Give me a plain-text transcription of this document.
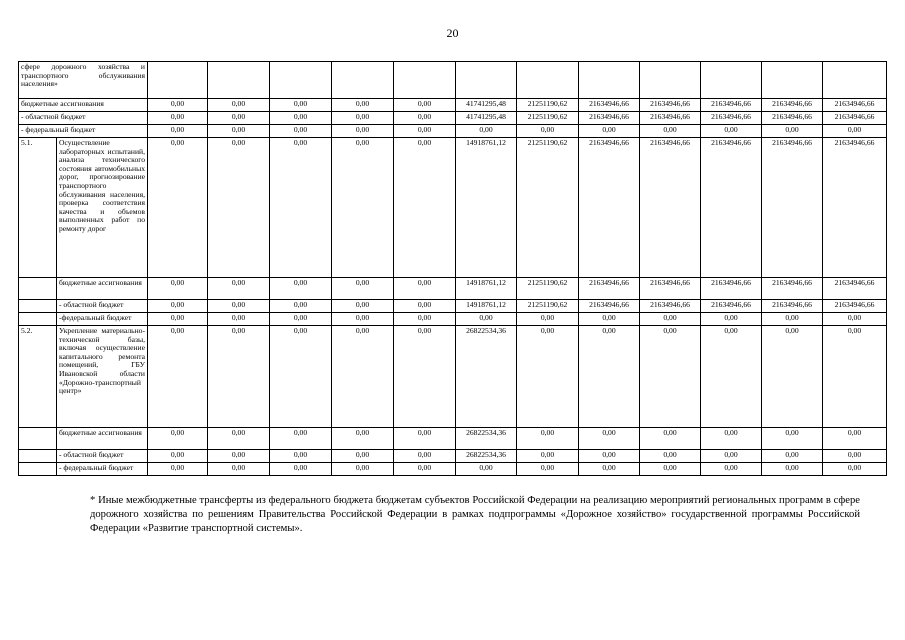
20
сфере дорожного хозяйства и транспортного обслуживания населения»													
бюджетные ассигнования		0,00	0,00	0,00	0,00	0,00	41741295,48	21251190,62	21634946,66	21634946,66	21634946,66	21634946,66	21634946,66
- областной бюджет		0,00	0,00	0,00	0,00	0,00	41741295,48	21251190,62	21634946,66	21634946,66	21634946,66	21634946,66	21634946,66
- федеральный бюджет		0,00	0,00	0,00	0,00	0,00	0,00	0,00	0,00	0,00	0,00	0,00	0,00
5.1.	Осуществление лабораторных испытаний, анализа технического состояния автомобильных дорог, прогнозирование транспортного обслуживания населения, проверка соответствия качества и объемов выполненных работ по ремонту дорог	0,00	0,00	0,00	0,00	0,00	14918761,12	21251190,62	21634946,66	21634946,66	21634946,66	21634946,66	21634946,66
	бюджетные ассигнования	0,00	0,00	0,00	0,00	0,00	14918761,12	21251190,62	21634946,66	21634946,66	21634946,66	21634946,66	21634946,66
	- областной бюджет	0,00	0,00	0,00	0,00	0,00	14918761,12	21251190,62	21634946,66	21634946,66	21634946,66	21634946,66	21634946,66
	-федеральный бюджет	0,00	0,00	0,00	0,00	0,00	0,00	0,00	0,00	0,00	0,00	0,00	0,00
5.2.	Укрепление материально-технической базы, включая осуществление капитального ремонта помещений, ГБУ Ивановской области «Дорожно-транспортный центр»	0,00	0,00	0,00	0,00	0,00	26822534,36	0,00	0,00	0,00	0,00	0,00	0,00
	бюджетные ассигнования	0,00	0,00	0,00	0,00	0,00	26822534,36	0,00	0,00	0,00	0,00	0,00	0,00
	- областной бюджет	0,00	0,00	0,00	0,00	0,00	26822534,36	0,00	0,00	0,00	0,00	0,00	0,00
	- федеральный бюджет	0,00	0,00	0,00	0,00	0,00	0,00	0,00	0,00	0,00	0,00	0,00	0,00
* Иные межбюджетные трансферты из федерального бюджета бюджетам субъектов Российской Федерации на реализацию мероприятий региональных программ в сфере дорожного хозяйства по решениям Правительства Российской Федерации в рамках подпрограммы «Дорожное хозяйство» государственной программы Российской Федерации «Развитие транспортной системы».
